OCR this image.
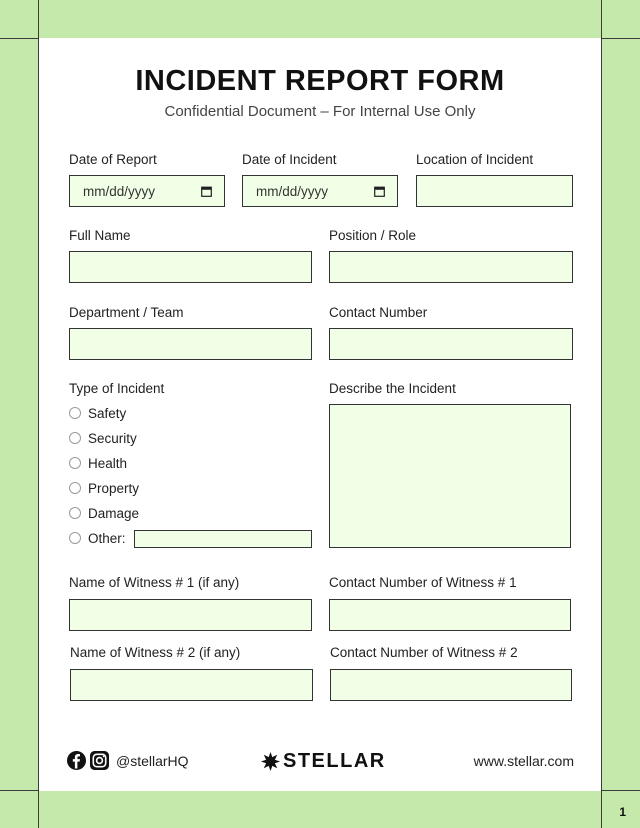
INCIDENT REPORT FORM
Confidential Document – For Internal Use Only
Date of Report
mm/dd/yyyy
Date of Incident
mm/dd/yyyy
Location of Incident
Full Name	Position / Role
Department / Team	Contact Number
Type of Incident
Safety
Security
Health
Property
Damage
Other:
Describe the Incident
Name of Witness # 1 (if any)	Contact Number of Witness # 1
Name of Witness # 2 (if any)	Contact Number of Witness # 2
@stellarHQ	STELLAR	www.stellar.com
1
